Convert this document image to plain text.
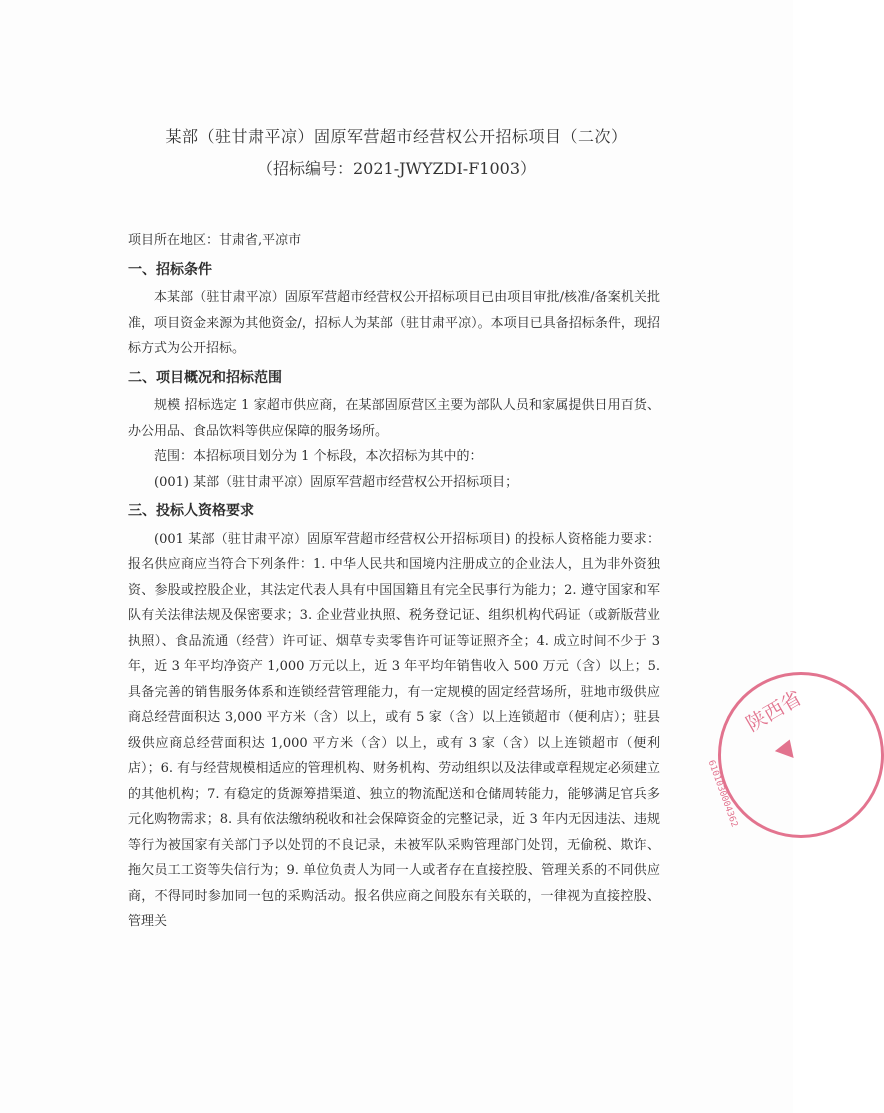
某部（驻甘肃平凉）固原军营超市经营权公开招标项目（二次）
（招标编号：2021-JWYZDI-F1003）

项目所在地区：甘肃省,平凉市

一、招标条件

本某部（驻甘肃平凉）固原军营超市经营权公开招标项目已由项目审批/核准/备案机关批准，项目资金来源为其他资金/，招标人为某部（驻甘肃平凉）。本项目已具备招标条件，现招标方式为公开招标。

二、项目概况和招标范围

规模 招标选定 1 家超市供应商，在某部固原营区主要为部队人员和家属提供日用百货、办公用品、食品饮料等供应保障的服务场所。

范围：本招标项目划分为 1 个标段，本次招标为其中的：

(001) 某部（驻甘肃平凉）固原军营超市经营权公开招标项目；

三、投标人资格要求

(001 某部（驻甘肃平凉）固原军营超市经营权公开招标项目) 的投标人资格能力要求：报名供应商应当符合下列条件：1. 中华人民共和国境内注册成立的企业法人，且为非外资独资、参股或控股企业，其法定代表人具有中国国籍且有完全民事行为能力；2. 遵守国家和军队有关法律法规及保密要求；3. 企业营业执照、税务登记证、组织机构代码证（或新版营业执照）、食品流通（经营）许可证、烟草专卖零售许可证等证照齐全；4. 成立时间不少于 3 年，近 3 年平均净资产 1,000 万元以上，近 3 年平均年销售收入 500 万元（含）以上；5. 具备完善的销售服务体系和连锁经营管理能力，有一定规模的固定经营场所，驻地市级供应商总经营面积达 3,000 平方米（含）以上，或有 5 家（含）以上连锁超市（便利店）；驻县级供应商总经营面积达 1,000 平方米（含）以上，或有 3 家（含）以上连锁超市（便利店）；6. 有与经营规模相适应的管理机构、财务机构、劳动组织以及法律或章程规定必须建立的其他机构；7. 有稳定的货源筹措渠道、独立的物流配送和仓储周转能力，能够满足官兵多元化购物需求；8. 具有依法缴纳税收和社会保障资金的完整记录，近 3 年内无因违法、违规等行为被国家有关部门予以处罚的不良记录，未被军队采购管理部门处罚，无偷税、欺诈、拖欠员工工资等失信行为；9. 单位负责人为同一人或者存在直接控股、管理关系的不同供应商，不得同时参加同一包的采购活动。报名供应商之间股东有关联的，一律视为直接控股、管理关

陕西省
6101030004362
